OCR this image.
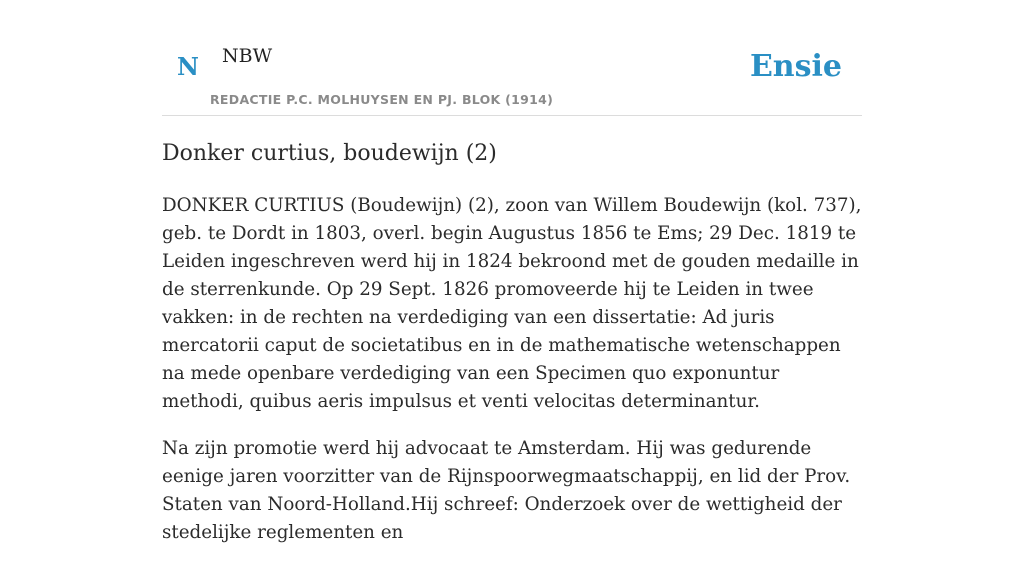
N NBW
REDACTIE P.C. MOLHUYSEN EN PJ. BLOK (1914)
Ensie
Donker curtius, boudewijn (2)

DONKER CURTIUS (Boudewijn) (2), zoon van Willem Boudewijn (kol. 737), geb. te Dordt in 1803, overl. begin Augustus 1856 te Ems; 29 Dec. 1819 te Leiden ingeschreven werd hij in 1824 bekroond met de gouden medaille in de sterrenkunde. Op 29 Sept. 1826 promoveerde hij te Leiden in twee vakken: in de rechten na verdediging van een dissertatie: Ad juris mercatorii caput de societatibus en in de mathematische wetenschappen na mede openbare verdediging van een Specimen quo exponuntur methodi, quibus aeris impulsus et venti velocitas determinantur.

Na zijn promotie werd hij advocaat te Amsterdam. Hij was gedurende eenige jaren voorzitter van de Rijnspoorwegmaatschappij, en lid der Prov. Staten van Noord-Holland.Hij schreef: Onderzoek over de wettigheid der stedelijke reglementen en
